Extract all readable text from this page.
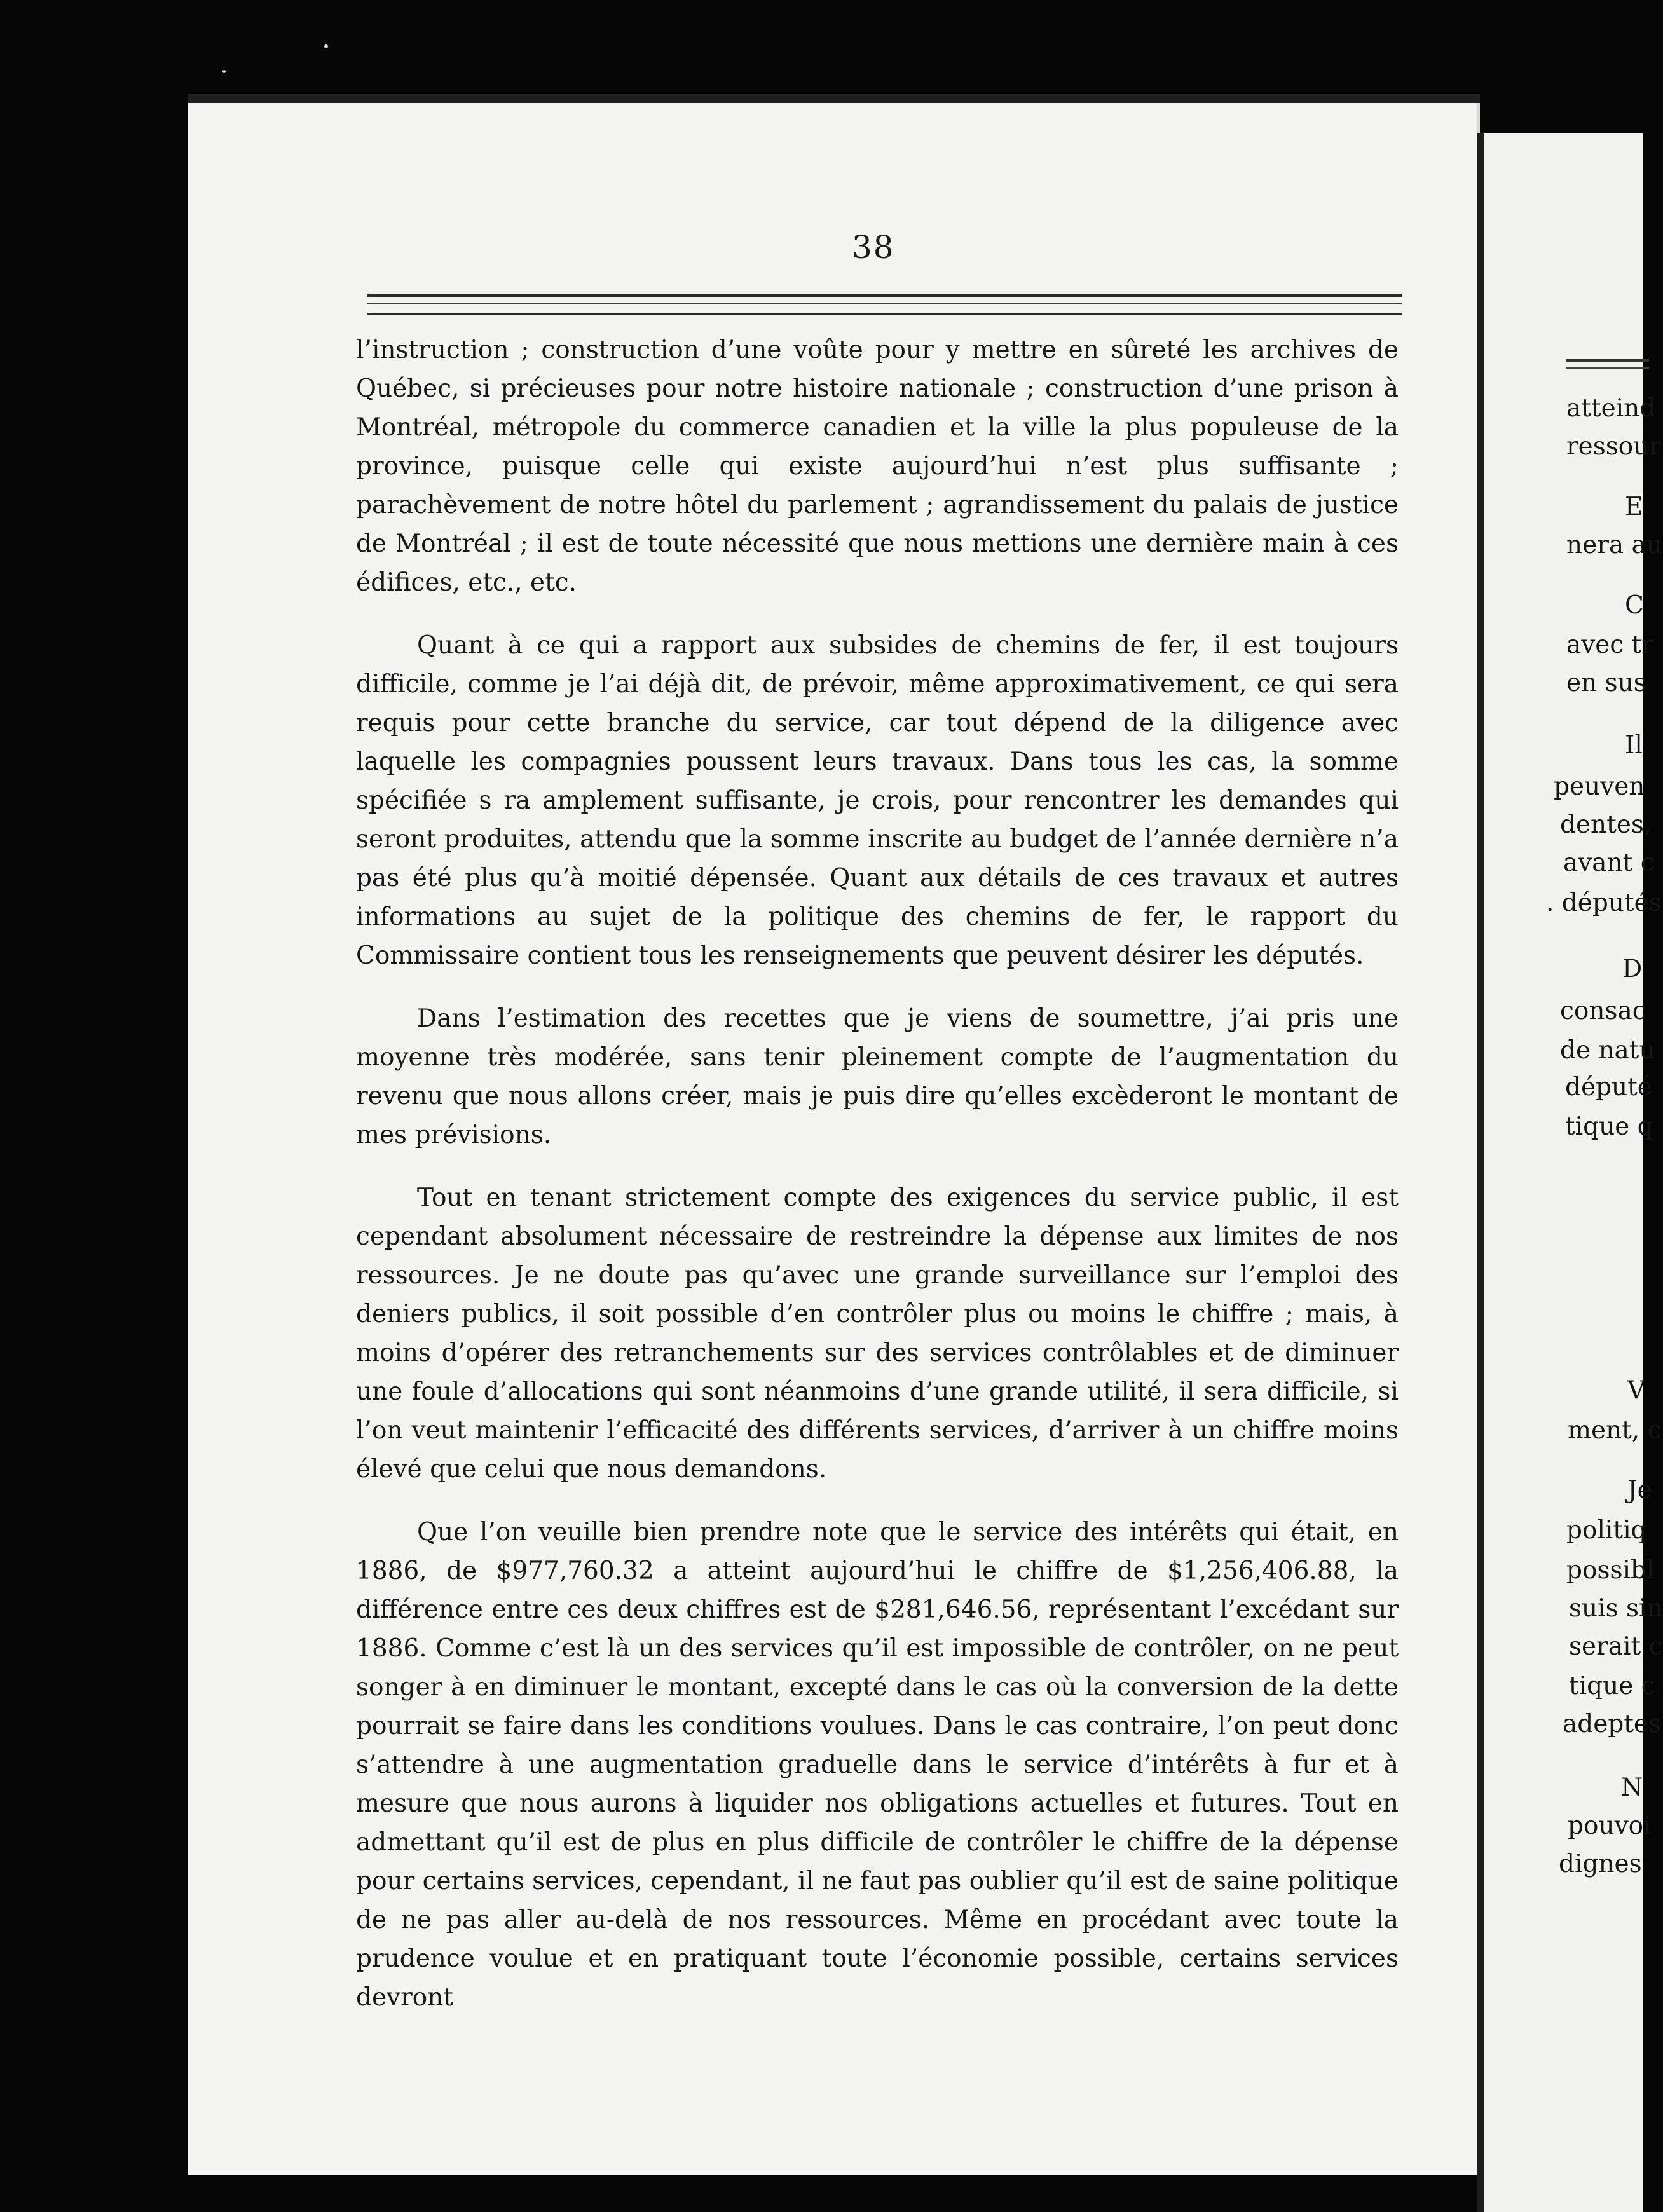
38

l’instruction ; construction d’une voûte pour y mettre en sûreté les archives de Québec, si précieuses pour notre histoire nationale ; construction d’une prison à Montréal, métropole du commerce canadien et la ville la plus populeuse de la province, puisque celle qui existe aujourd’hui n’est plus suffisante ; parachèvement de notre hôtel du parlement ; agrandissement du palais de justice de Montréal ; il est de toute nécessité que nous mettions une dernière main à ces édifices, etc., etc.

Quant à ce qui a rapport aux subsides de chemins de fer, il est toujours difficile, comme je l’ai déjà dit, de prévoir, même approximativement, ce qui sera requis pour cette branche du service, car tout dépend de la diligence avec laquelle les compagnies poussent leurs travaux. Dans tous les cas, la somme spécifiée s ra amplement suffisante, je crois, pour rencontrer les demandes qui seront produites, attendu que la somme inscrite au budget de l’année dernière n’a pas été plus qu’à moitié dépensée. Quant aux détails de ces travaux et autres informations au sujet de la politique des chemins de fer, le rapport du Commissaire contient tous les renseignements que peuvent désirer les députés.

Dans l’estimation des recettes que je viens de soumettre, j’ai pris une moyenne très modérée, sans tenir pleinement compte de l’augmentation du revenu que nous allons créer, mais je puis dire qu’elles excèderont le montant de mes prévisions.

Tout en tenant strictement compte des exigences du service public, il est cependant absolument nécessaire de restreindre la dépense aux limites de nos ressources. Je ne doute pas qu’avec une grande surveillance sur l’emploi des deniers publics, il soit possible d’en contrôler plus ou moins le chiffre ; mais, à moins d’opérer des retranchements sur des services contrôlables et de diminuer une foule d’allocations qui sont néanmoins d’une grande utilité, il sera difficile, si l’on veut maintenir l’efficacité des différents services, d’arriver à un chiffre moins élevé que celui que nous demandons.

Que l’on veuille bien prendre note que le service des intérêts qui était, en 1886, de $977,760.32 a atteint aujourd’hui le chiffre de $1,256,406.88, la différence entre ces deux chiffres est de $281,646.56, représentant l’excédant sur 1886. Comme c’est là un des services qu’il est impossible de contrôler, on ne peut songer à en diminuer le montant, excepté dans le cas où la conversion de la dette pourrait se faire dans les conditions voulues. Dans le cas contraire, l’on peut donc s’attendre à une augmentation graduelle dans le service d’intérêts à fur et à mesure que nous aurons à liquider nos obligations actuelles et futures. Tout en admettant qu’il est de plus en plus difficile de contrôler le chiffre de la dépense pour certains services, cependant, il ne faut pas oublier qu’il est de saine politique de ne pas aller au-delà de nos ressources. Même en procédant avec toute la prudence voulue et en pratiquant toute l’économie possible, certains services devront

atteind
ressour
E
nera au
C
avec tr
en sus
Il
peuven
dentes,
avant c
. députés
D
consac
de natu
député
tique q
V
ment, c
Je
politiq
possibl
suis sin
serait c
tique c
adeptes
N
pouvoi
dignes
